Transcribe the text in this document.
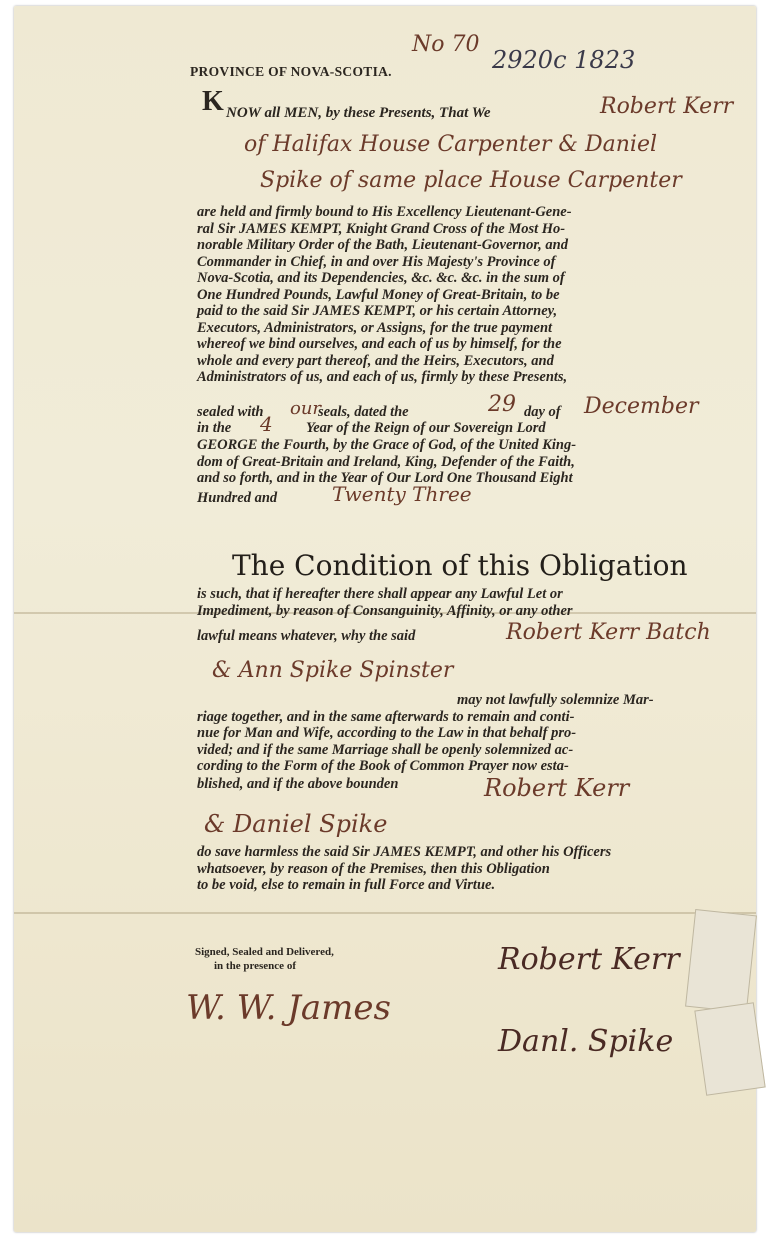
No 70
2920c 1823
PROVINCE OF NOVA-SCOTIA.
K NOW all MEN, by these Presents, That We	Robert Kerr
of Halifax House Carpenter & Daniel
Spike of same place House Carpenter
are held and firmly bound to His Excellency Lieutenant-Gene-
ral Sir JAMES KEMPT, Knight Grand Cross of the Most Ho-
norable Military Order of the Bath, Lieutenant-Governor, and
Commander in Chief, in and over His Majesty's Province of
Nova-Scotia, and its Dependencies, &c. &c. &c. in the sum of
One Hundred Pounds, Lawful Money of Great-Britain, to be
paid to the said Sir JAMES KEMPT, or his certain Attorney,
Executors, Administrators, or Assigns, for the true payment
whereof we bind ourselves, and each of us by himself, for the
whole and every part thereof, and the Heirs, Executors, and
Administrators of us, and each of us, firmly by these Presents,
sealed with our
seals, dated the	29 day of December
in the 4 Year of the Reign of our Sovereign Lord
GEORGE the Fourth, by the Grace of God, of the United King-
dom of Great-Britain and Ireland, King, Defender of the Faith,
and so forth, and in the Year of Our Lord One Thousand Eight
Hundred and	Twenty Three
The Condition of this Obligation
is such, that if hereafter there shall appear any Lawful Let or
Impediment, by reason of Consanguinity, Affinity, or any other
lawful means whatever, why the said	Robert Kerr Batch
& Ann Spike Spinster
may not lawfully solemnize Mar-
riage together, and in the same afterwards to remain and conti-
nue for Man and Wife, according to the Law in that behalf pro-
vided; and if the same Marriage shall be openly solemnized ac-
cording to the Form of the Book of Common Prayer now esta-
blished, and if the above bounden	Robert Kerr
& Daniel Spike
do save harmless the said Sir JAMES KEMPT, and other his Officers
whatsoever, by reason of the Premises, then this Obligation
to be void, else to remain in full Force and Virtue.
Signed, Sealed and Delivered,
in the presence of
W. W. James
Robert Kerr
Danl. Spike
